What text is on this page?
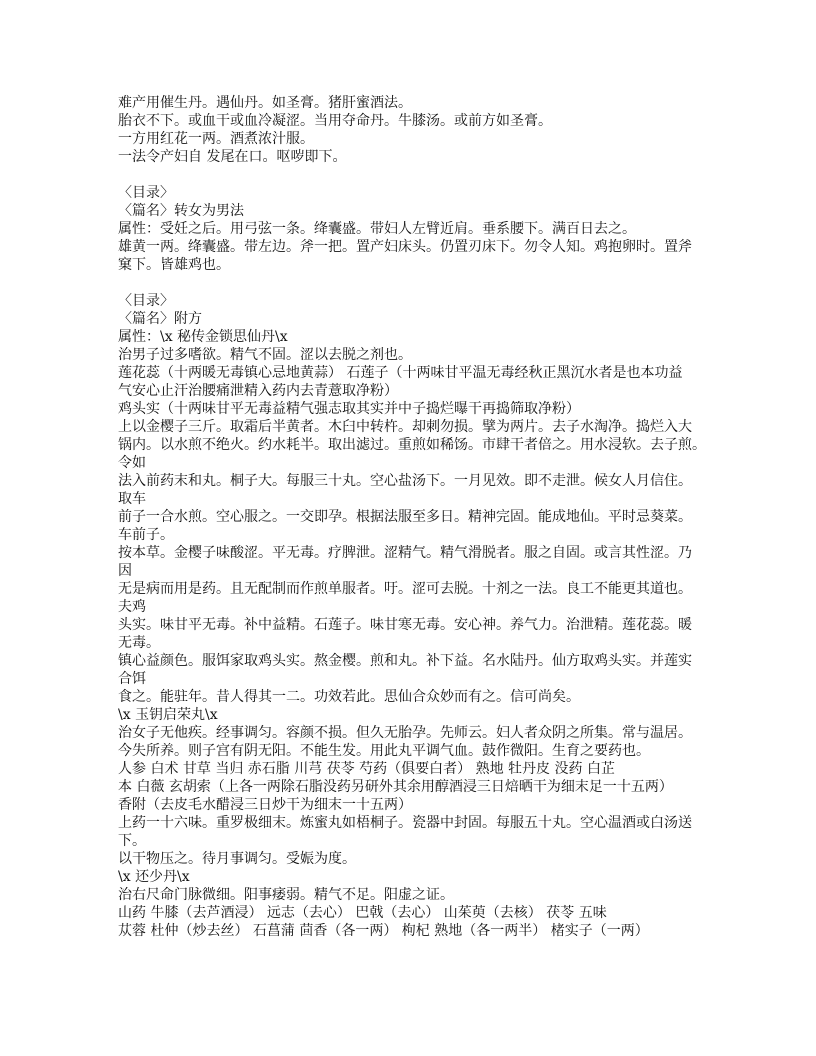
难产用催生丹。遇仙丹。如圣膏。猪肝蜜酒法。
胎衣不下。或血干或血冷凝涩。当用夺命丹。牛膝汤。或前方如圣膏。
一方用红花一两。酒煮浓汁服。
一法令产妇自 发尾在口。呕哕即下。
〈目录〉
〈篇名〉转女为男法
属性：受妊之后。用弓弦一条。绛囊盛。带妇人左臂近肩。垂系腰下。满百日去之。
雄黄一两。绛囊盛。带左边。斧一把。置产妇床头。仍置刃床下。勿令人知。鸡抱卵时。置斧
窠下。皆雄鸡也。
〈目录〉
〈篇名〉附方
属性：\x 秘传金锁思仙丹\x
治男子过多嗜欲。精气不固。涩以去脱之剂也。
莲花蕊（十两暖无毒镇心忌地黄蒜） 石莲子（十两味甘平温无毒经秋正黑沉水者是也本功益
气安心止汗治腰痛泄精入药内去青薏取净粉）
鸡头实（十两味甘平无毒益精气强志取其实并中子捣烂曝干再捣筛取净粉）
上以金樱子三斤。取霜后半黄者。木臼中转杵。却刺勿损。擘为两片。去子水淘净。捣烂入大
锅内。以水煎不绝火。约水耗半。取出滤过。重煎如稀饧。市肆干者倍之。用水浸软。去子煎。
令如
法入前药末和丸。桐子大。每服三十丸。空心盐汤下。一月见效。即不走泄。候女人月信住。
取车
前子一合水煎。空心服之。一交即孕。根据法服至多日。精神完固。能成地仙。平时忌葵菜。
车前子。
按本草。金樱子味酸涩。平无毒。疗脾泄。涩精气。精气滑脱者。服之自固。或言其性涩。乃
因
无是病而用是药。且无配制而作煎单服者。吁。涩可去脱。十剂之一法。良工不能更其道也。
夫鸡
头实。味甘平无毒。补中益精。石莲子。味甘寒无毒。安心神。养气力。治泄精。莲花蕊。暖
无毒。
镇心益颜色。服饵家取鸡头实。熬金樱。煎和丸。补下益。名水陆丹。仙方取鸡头实。并莲实
合饵
食之。能驻年。昔人得其一二。功效若此。思仙合众妙而有之。信可尚矣。
\x 玉钥启荣丸\x
治女子无他疾。经事调匀。容颜不损。但久无胎孕。先师云。妇人者众阴之所集。常与温居。
今失所养。则子宫有阴无阳。不能生发。用此丸平调气血。鼓作微阳。生育之要药也。
人参 白术 甘草 当归 赤石脂 川芎 茯苓 芍药（俱要白者） 熟地 牡丹皮 没药 白芷
本 白薇 玄胡索（上各一两除石脂没药另研外其余用醇酒浸三日焙晒干为细末足一十五两）
香附（去皮毛水醋浸三日炒干为细末一十五两）
上药一十六味。重罗极细末。炼蜜丸如梧桐子。瓷器中封固。每服五十丸。空心温酒或白汤送
下。
以干物压之。待月事调匀。受娠为度。
\x 还少丹\x
治右尺命门脉微细。阳事痿弱。精气不足。阳虚之证。
山药 牛膝（去芦酒浸） 远志（去心） 巴戟（去心） 山茱萸（去核） 茯苓 五味
苁蓉 杜仲（炒去丝） 石菖蒲 茴香（各一两） 枸杞 熟地（各一两半） 楮实子（一两）
